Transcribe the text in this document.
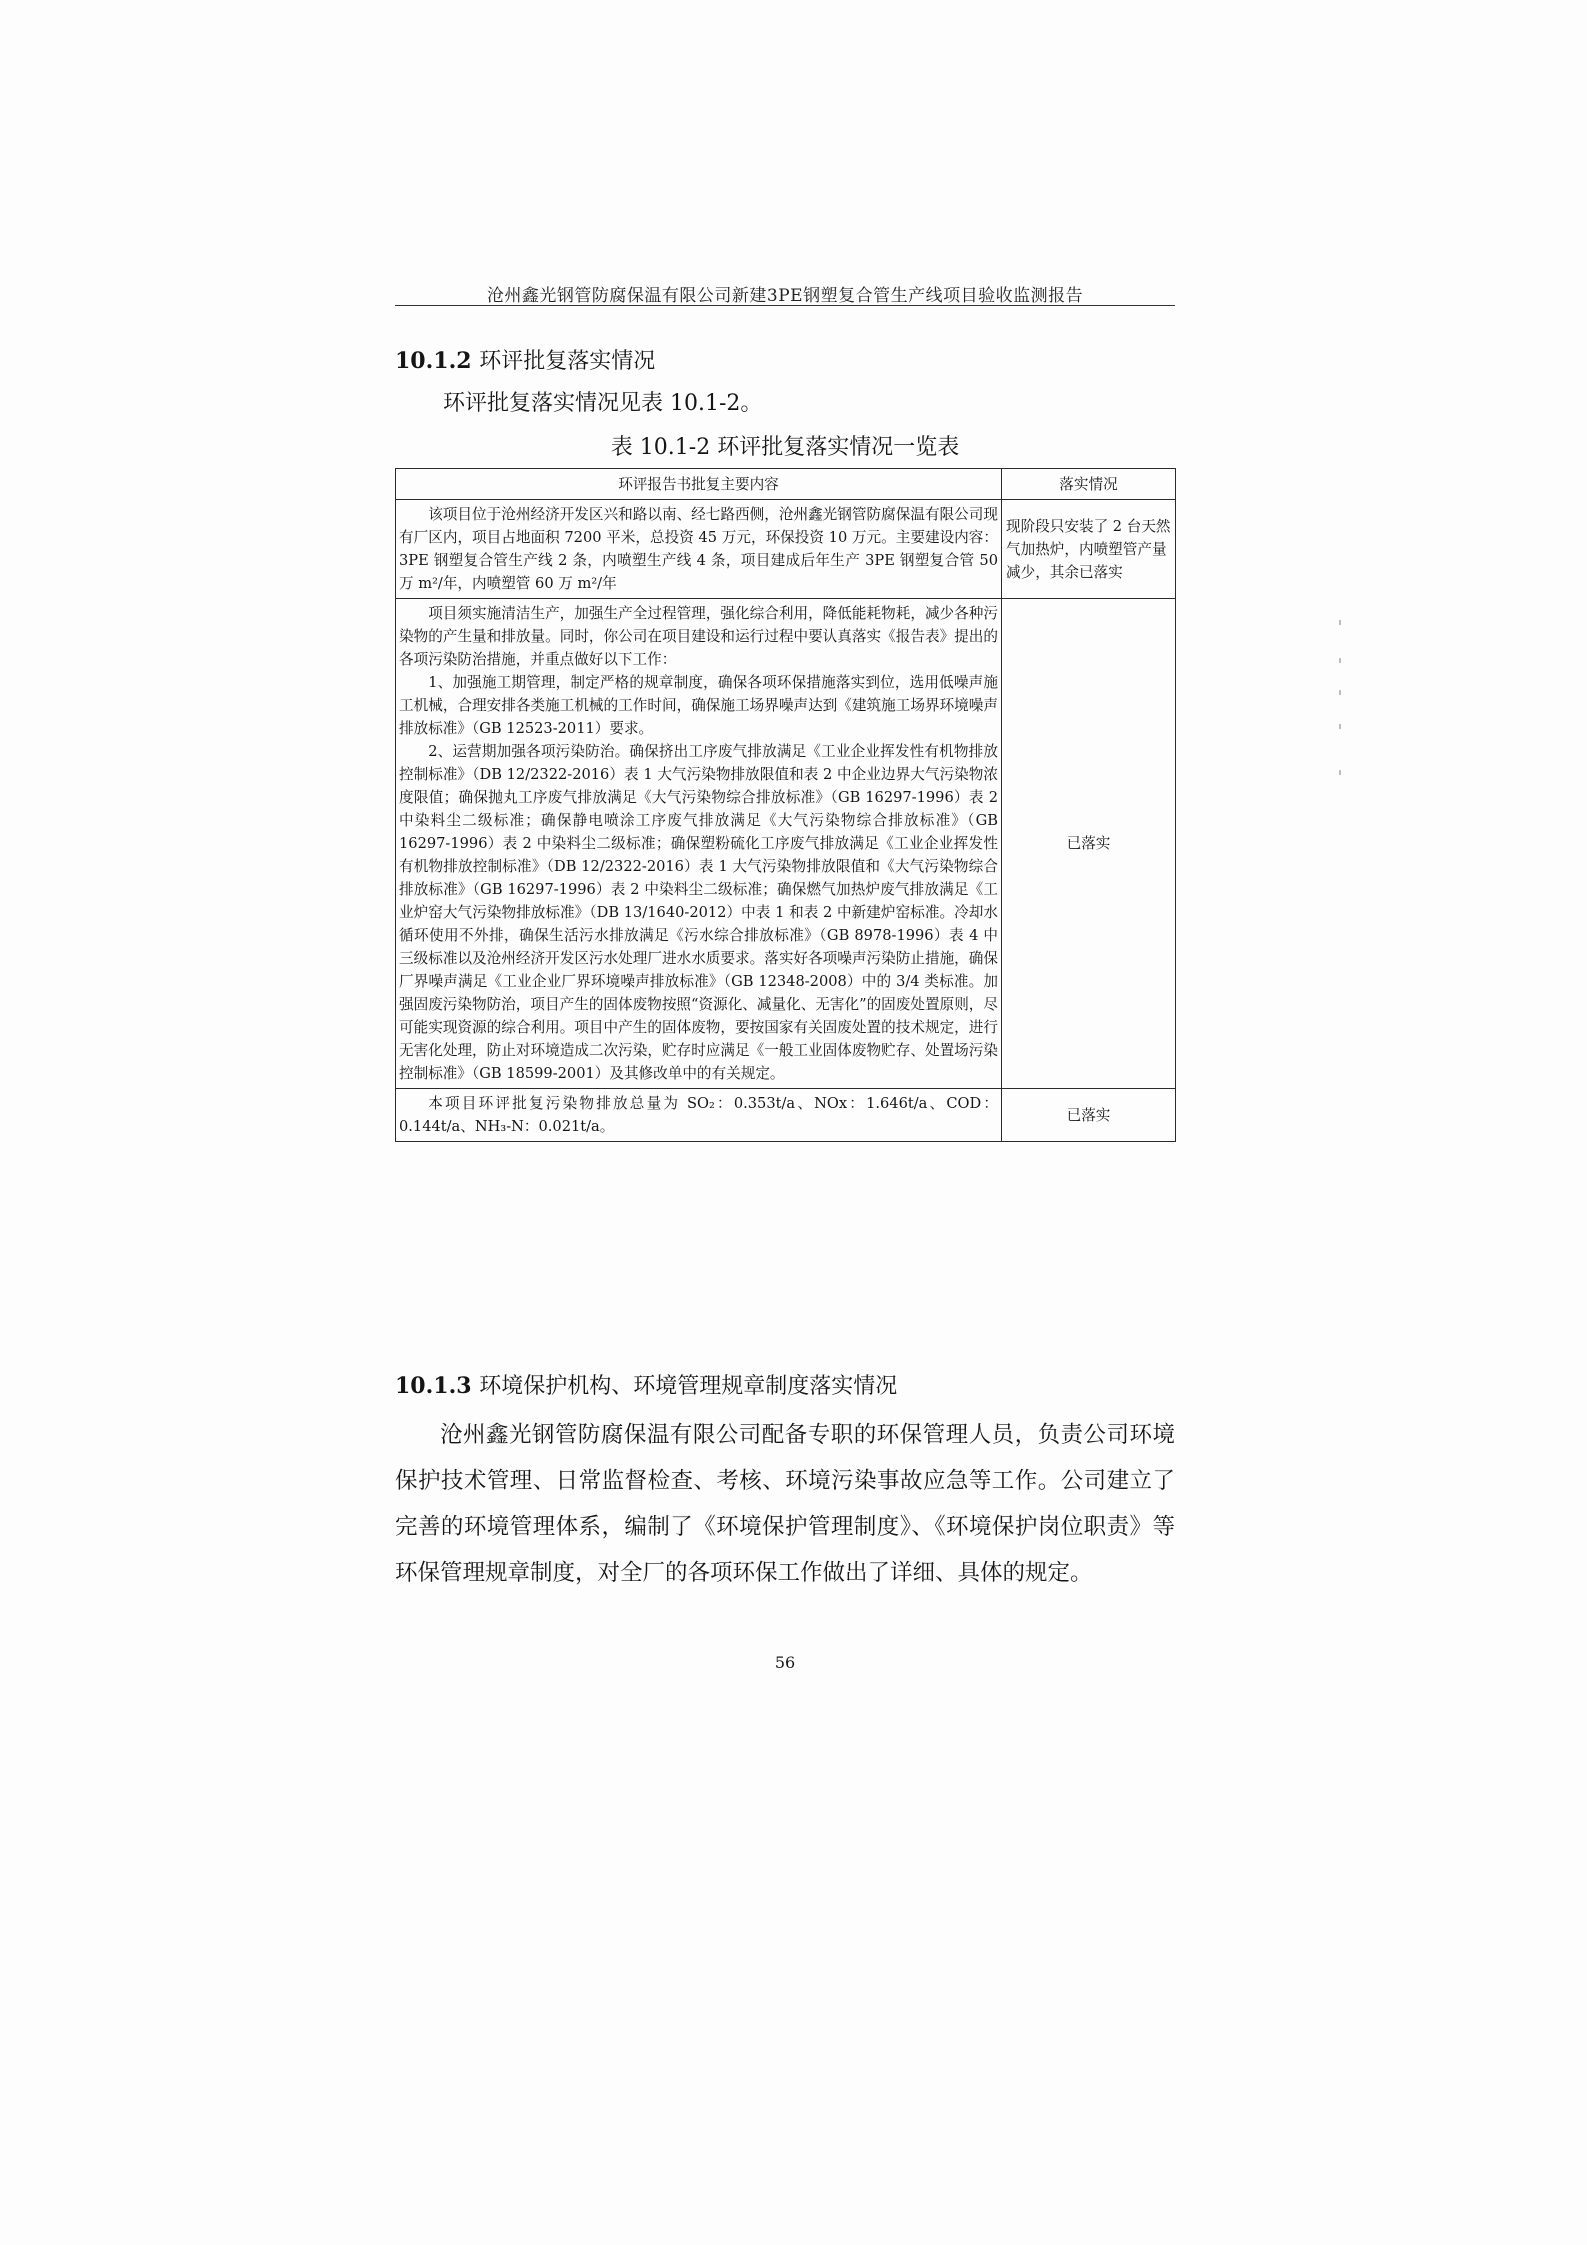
沧州鑫光钢管防腐保温有限公司新建3PE钢塑复合管生产线项目验收监测报告
10.1.2 环评批复落实情况
环评批复落实情况见表 10.1-2。
表 10.1-2 环评批复落实情况一览表
环评报告书批复主要内容	落实情况

该项目位于沧州经济开发区兴和路以南、经七路西侧，沧州鑫光钢管防腐保温有限公司现有厂区内，项目占地面积 7200 平米，总投资 45 万元，环保投资 10 万元。主要建设内容：3PE 钢塑复合管生产线 2 条，内喷塑生产线 4 条，项目建成后年生产 3PE 钢塑复合管 50 万 m²/年，内喷塑管 60 万 m²/年	现阶段只安装了 2 台天然气加热炉，内喷塑管产量减少，其余已落实

项目须实施清洁生产，加强生产全过程管理，强化综合利用，降低能耗物耗，减少各种污染物的产生量和排放量。同时，你公司在项目建设和运行过程中要认真落实《报告表》提出的各项污染防治措施，并重点做好以下工作：
1、加强施工期管理，制定严格的规章制度，确保各项环保措施落实到位，选用低噪声施工机械，合理安排各类施工机械的工作时间，确保施工场界噪声达到《建筑施工场界环境噪声排放标准》（GB 12523-2011）要求。
2、运营期加强各项污染防治。确保挤出工序废气排放满足《工业企业挥发性有机物排放控制标准》（DB 12/2322-2016）表 1 大气污染物排放限值和表 2 中企业边界大气污染物浓度限值；确保抛丸工序废气排放满足《大气污染物综合排放标准》（GB 16297-1996）表 2 中染料尘二级标准；确保静电喷涂工序废气排放满足《大气污染物综合排放标准》（GB 16297-1996）表 2 中染料尘二级标准；确保塑粉硫化工序废气排放满足《工业企业挥发性有机物排放控制标准》（DB 12/2322-2016）表 1 大气污染物排放限值和《大气污染物综合排放标准》（GB 16297-1996）表 2 中染料尘二级标准；确保燃气加热炉废气排放满足《工业炉窑大气污染物排放标准》（DB 13/1640-2012）中表 1 和表 2 中新建炉窑标准。冷却水循环使用不外排，确保生活污水排放满足《污水综合排放标准》（GB 8978-1996）表 4 中三级标准以及沧州经济开发区污水处理厂进水水质要求。落实好各项噪声污染防止措施，确保厂界噪声满足《工业企业厂界环境噪声排放标准》（GB 12348-2008）中的 3/4 类标准。加强固废污染物防治，项目产生的固体废物按照“资源化、减量化、无害化”的固废处置原则，尽可能实现资源的综合利用。项目中产生的固体废物，要按国家有关固废处置的技术规定，进行无害化处理，防止对环境造成二次污染，贮存时应满足《一般工业固体废物贮存、处置场污染控制标准》（GB 18599-2001）及其修改单中的有关规定。	已落实

本项目环评批复污染物排放总量为 SO₂：0.353t/a、NOx：1.646t/a、COD：0.144t/a、NH₃-N：0.021t/a。	已落实
10.1.3 环境保护机构、环境管理规章制度落实情况

沧州鑫光钢管防腐保温有限公司配备专职的环保管理人员，负责公司环境保护技术管理、日常监督检查、考核、环境污染事故应急等工作。公司建立了完善的环境管理体系，编制了《环境保护管理制度》、《环境保护岗位职责》等环保管理规章制度，对全厂的各项环保工作做出了详细、具体的规定。

56
